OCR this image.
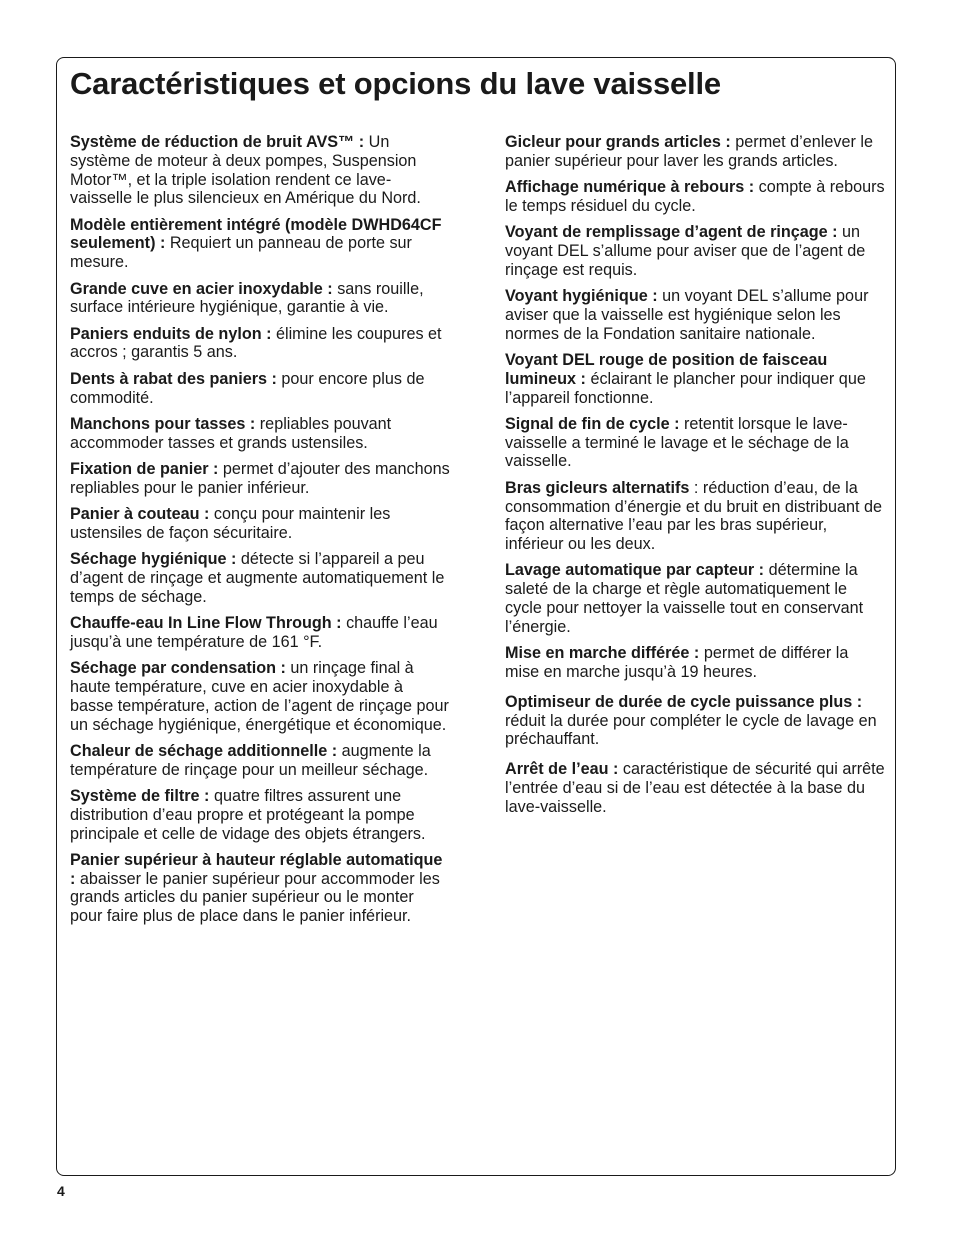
Caractéristiques et opcions du lave vaisselle

Système de réduction de bruit AVS™ : Un système de moteur à deux pompes, Suspension Motor™, et la triple isolation rendent ce lave-vaisselle le plus silencieux en Amérique du Nord.

Modèle entièrement intégré (modèle DWHD64CF seulement) : Requiert un panneau de porte sur mesure.

Grande cuve en acier inoxydable : sans rouille, surface intérieure hygiénique, garantie à vie.

Paniers enduits de nylon : élimine les coupures et accros ; garantis 5 ans.

Dents à rabat des paniers : pour encore plus de commodité.

Manchons pour tasses : repliables pouvant accommoder tasses et grands ustensiles.

Fixation de panier : permet d’ajouter des manchons repliables pour le panier inférieur.

Panier à couteau : conçu pour maintenir les ustensiles de façon sécuritaire.

Séchage hygiénique : détecte si l’appareil a peu d’agent de rinçage et augmente automatiquement le temps de séchage.

Chauffe-eau In Line Flow Through : chauffe l’eau jusqu’à une température de 161 °F.

Séchage par condensation : un rinçage final à haute température, cuve en acier inoxydable à basse température, action de l’agent de rinçage pour un séchage hygiénique, énergétique et économique.

Chaleur de séchage additionnelle : augmente la température de rinçage pour un meilleur séchage.

Système de filtre : quatre filtres assurent une distribution d’eau propre et protégeant la pompe principale et celle de vidage des objets étrangers.

Panier supérieur à hauteur réglable automatique : abaisser le panier supérieur pour accommoder les grands articles du panier supérieur ou le monter pour faire plus de place dans le panier inférieur.

Gicleur pour grands articles : permet d’enlever le panier supérieur pour laver les grands articles.

Affichage numérique à rebours : compte à rebours le temps résiduel du cycle.

Voyant de remplissage d’agent de rinçage : un voyant DEL s’allume pour aviser que de l’agent de rinçage est requis.

Voyant hygiénique : un voyant DEL s’allume pour aviser que la vaisselle est hygiénique selon les normes de la Fondation sanitaire nationale.

Voyant DEL rouge de position de faisceau lumineux : éclairant le plancher pour indiquer que l’appareil fonctionne.

Signal de fin de cycle : retentit lorsque le lave-vaisselle a terminé le lavage et le séchage de la vaisselle.

Bras gicleurs alternatifs : réduction d’eau, de la consommation d’énergie et du bruit en distribuant de façon alternative l’eau par les bras supérieur, inférieur ou les deux.

Lavage automatique par capteur : détermine la saleté de la charge et règle automatiquement le cycle pour nettoyer la vaisselle tout en conservant l’énergie.

Mise en marche différée : permet de différer la mise en marche jusqu’à 19 heures.

Optimiseur de durée de cycle puissance plus : réduit la durée pour compléter le cycle de lavage en préchauffant.

Arrêt de l’eau : caractéristique de sécurité qui arrête l’entrée d’eau si de l’eau est détectée à la base du lave-vaisselle.

4
